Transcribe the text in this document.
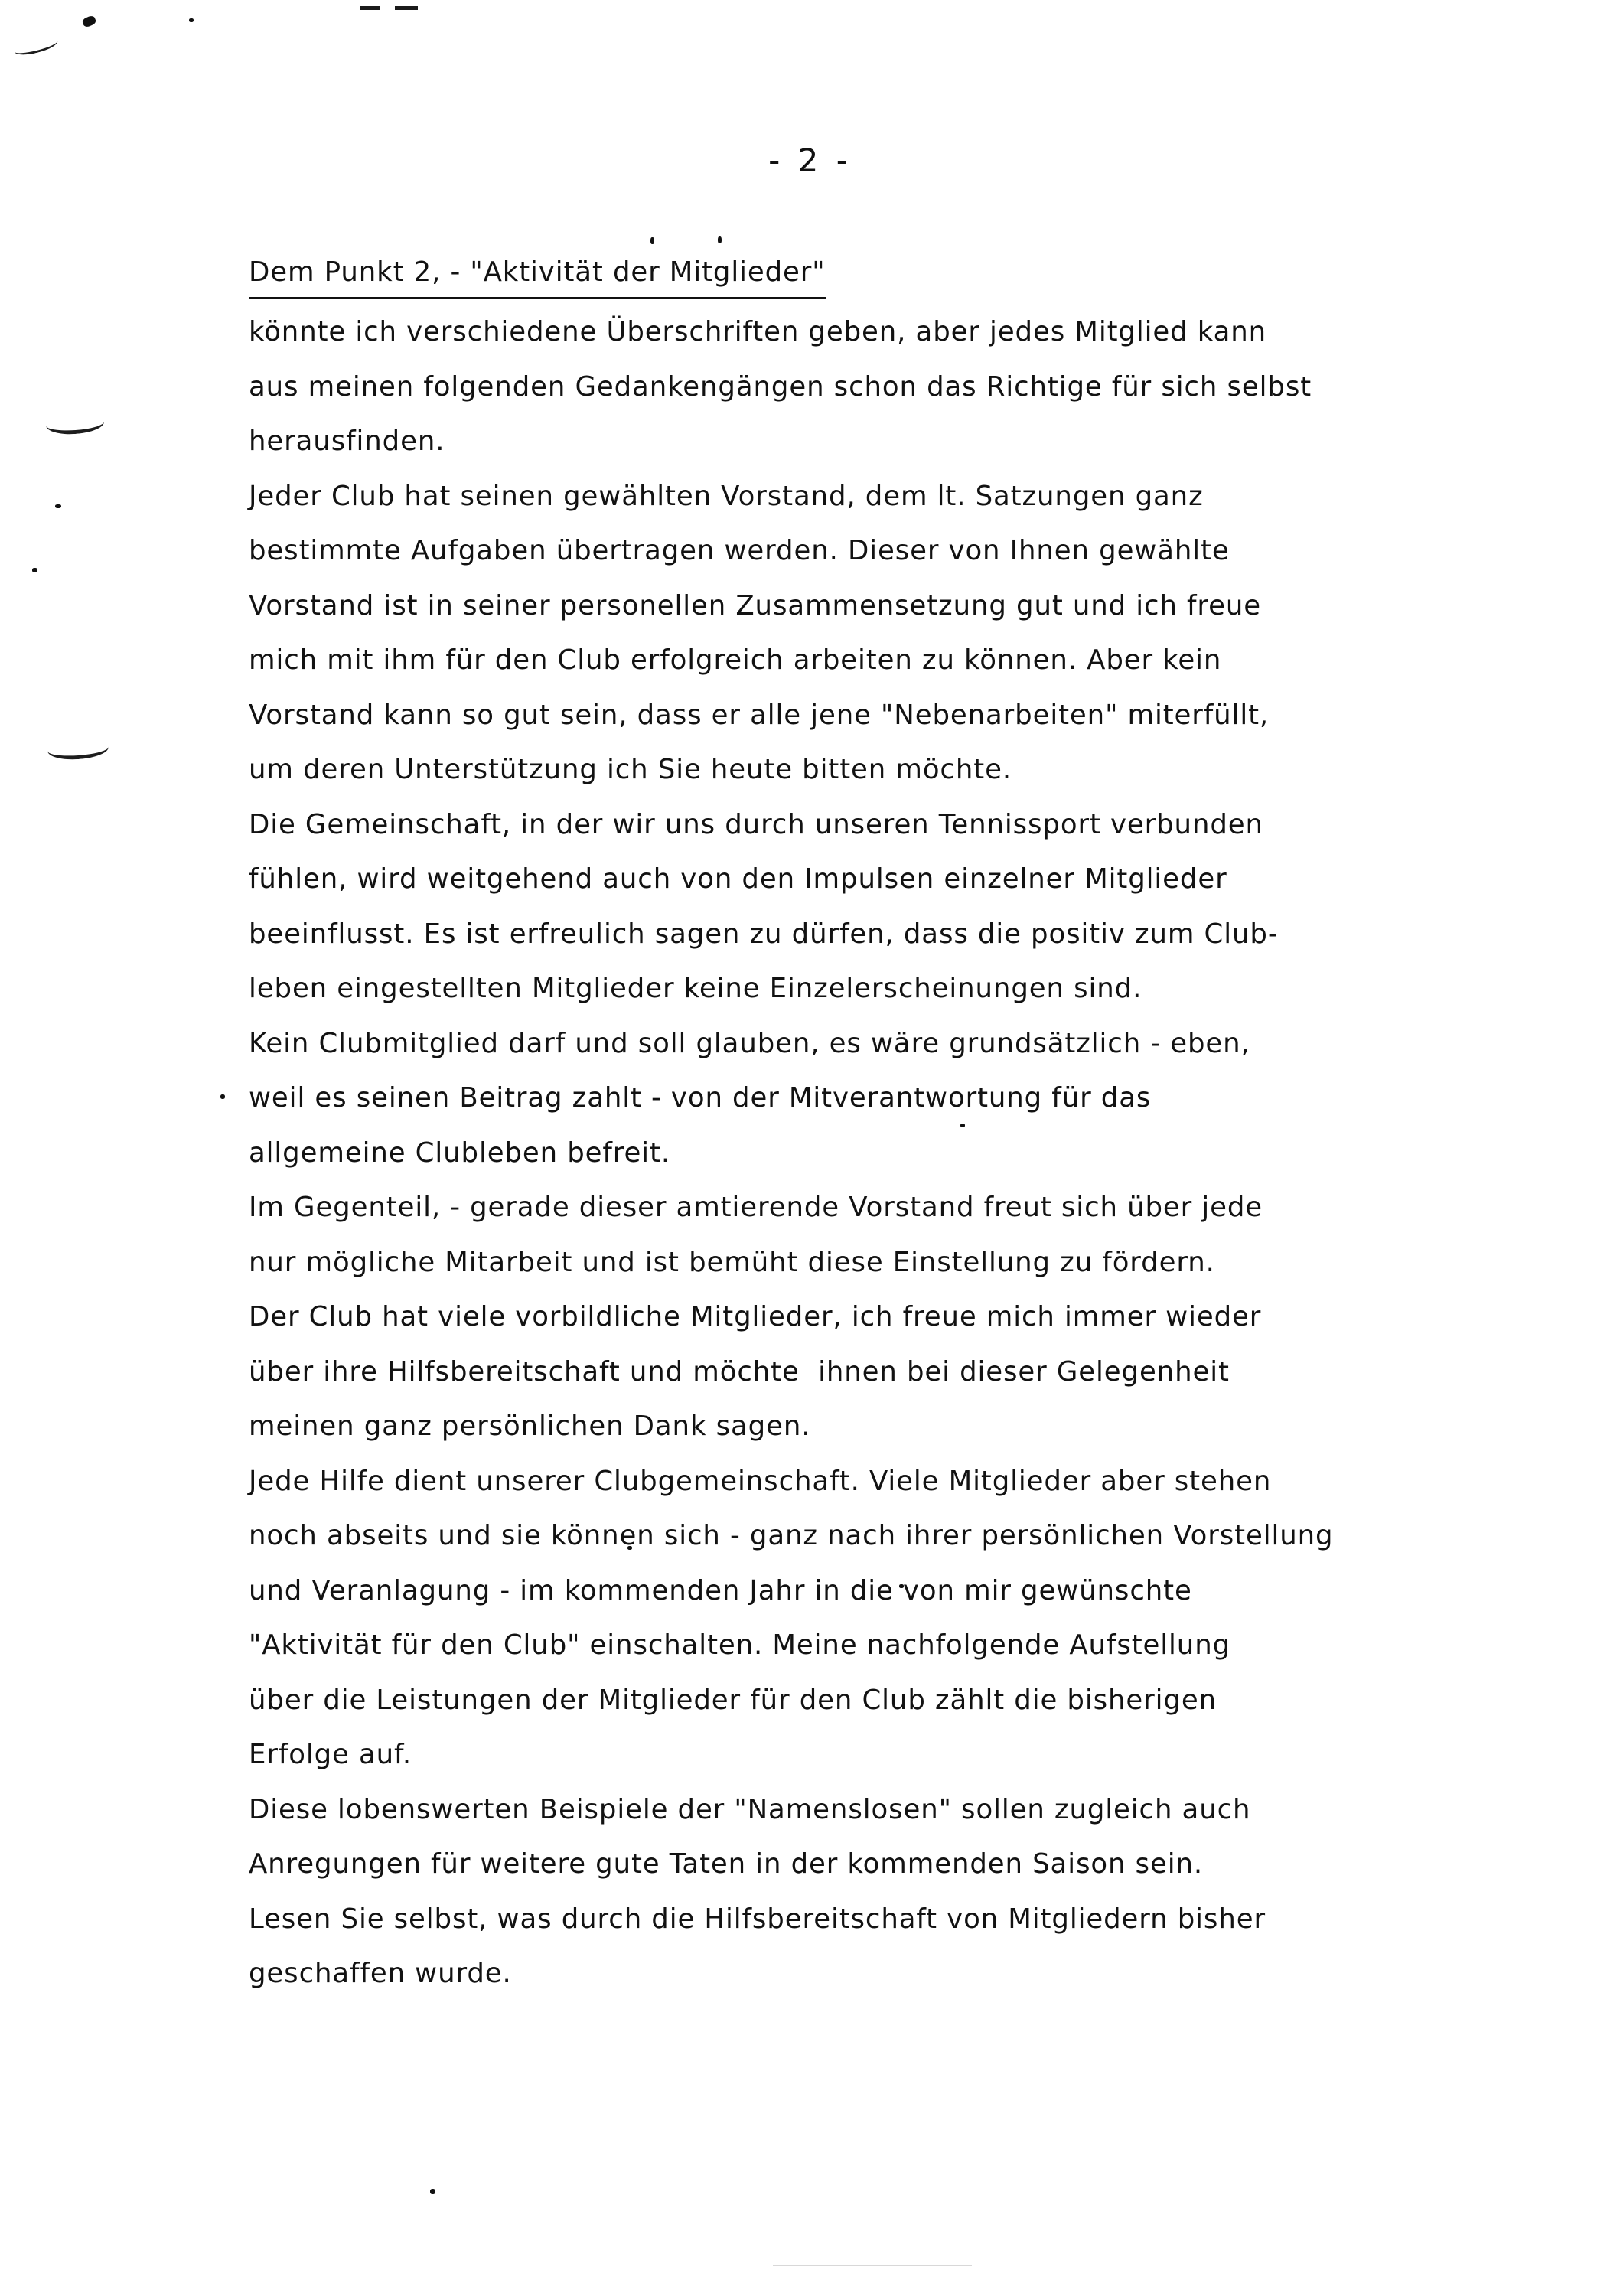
- 2 -
Dem Punkt 2, - "Aktivität der Mitglieder"
könnte ich verschiedene Überschriften geben, aber jedes Mitglied kann
aus meinen folgenden Gedankengängen schon das Richtige für sich selbst
herausfinden.
Jeder Club hat seinen gewählten Vorstand, dem lt. Satzungen ganz
bestimmte Aufgaben übertragen werden. Dieser von Ihnen gewählte
Vorstand ist in seiner personellen Zusammensetzung gut und ich freue
mich mit ihm für den Club erfolgreich arbeiten zu können. Aber kein
Vorstand kann so gut sein, dass er alle jene "Nebenarbeiten" miterfüllt,
um deren Unterstützung ich Sie heute bitten möchte.
Die Gemeinschaft, in der wir uns durch unseren Tennissport verbunden
fühlen, wird weitgehend auch von den Impulsen einzelner Mitglieder
beeinflusst. Es ist erfreulich sagen zu dürfen, dass die positiv zum Club-
leben eingestellten Mitglieder keine Einzelerscheinungen sind.
Kein Clubmitglied darf und soll glauben, es wäre grundsätzlich - eben,
weil es seinen Beitrag zahlt - von der Mitverantwortung für das
allgemeine Clubleben befreit.
Im Gegenteil, - gerade dieser amtierende Vorstand freut sich über jede
nur mögliche Mitarbeit und ist bemüht diese Einstellung zu fördern.
Der Club hat viele vorbildliche Mitglieder, ich freue mich immer wieder
über ihre Hilfsbereitschaft und möchte  ihnen bei dieser Gelegenheit
meinen ganz persönlichen Dank sagen.
Jede Hilfe dient unserer Clubgemeinschaft. Viele Mitglieder aber stehen
noch abseits und sie können sich - ganz nach ihrer persönlichen Vorstellung
und Veranlagung - im kommenden Jahr in die von mir gewünschte
"Aktivität für den Club" einschalten. Meine nachfolgende Aufstellung
über die Leistungen der Mitglieder für den Club zählt die bisherigen
Erfolge auf.
Diese lobenswerten Beispiele der "Namenslosen" sollen zugleich auch
Anregungen für weitere gute Taten in der kommenden Saison sein.
Lesen Sie selbst, was durch die Hilfsbereitschaft von Mitgliedern bisher
geschaffen wurde.
